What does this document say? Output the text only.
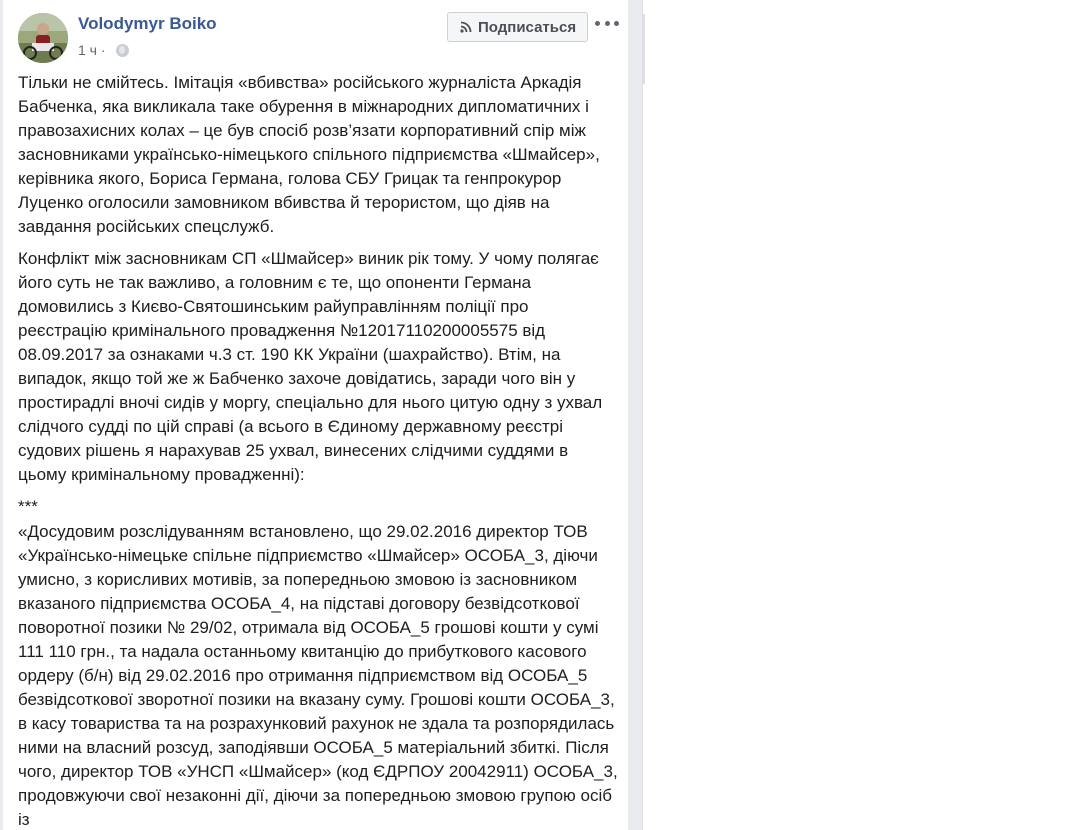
Volodymyr Boiko
1 ч ·
Подписаться

Тільки не смійтесь. Імітація «вбивства» російського журналіста Аркадія Бабченка, яка викликала таке обурення в міжнародних дипломатичних і правозахисних колах – це був спосіб розв’язати корпоративний спір між засновниками українсько-німецького спільного підприємства «Шмайсер», керівника якого, Бориса Германа, голова СБУ Грицак та генпрокурор Луценко оголосили замовником вбивства й терористом, що діяв на завдання російських спецслужб.

Конфлікт між засновникам СП «Шмайсер» виник рік тому. У чому полягає його суть не так важливо, а головним є те, що опоненти Германа домовились з Києво-Святошинським райуправлінням поліції про реєстрацію кримінального провадження №12017110200005575 від 08.09.2017 за ознаками ч.3 ст. 190 КК України (шахрайство). Втім, на випадок, якщо той же ж Бабченко захоче довідатись, заради чого він у простирадлі вночі сидів у моргу, спеціально для нього цитую одну з ухвал слідчого судді по цій справі (а всього в Єдиному державному реєстрі судових рішень я нарахував 25 ухвал, винесених слідчими суддями в цьому кримінальному провадженні):

***

«Досудовим розслідуванням встановлено, що 29.02.2016 директор ТОВ «Українсько-німецьке спільне підприємство «Шмайсер» ОСОБА_3, діючи умисно, з корисливих мотивів, за попередньою змовою із засновником вказаного підприємства ОСОБА_4, на підставі договору безвідсоткової поворотної позики № 29/02, отримала від ОСОБА_5 грошові кошти у сумі 111 110 грн., та надала останньому квитанцію до прибуткового касового ордеру (б/н) від 29.02.2016 про отримання підприємством від ОСОБА_5 безвідсоткової зворотної позики на вказану суму. Грошові кошти ОСОБА_3, в касу товариства та на розрахунковий рахунок не здала та розпорядилась ними на власний розсуд, заподіявши ОСОБА_5 матеріальний збиткі. Після чого, директор ТОВ «УНСП «Шмайсер» (код ЄДРПОУ 20042911) ОСОБА_3, продовжуючи свої незаконні дії, діючи за попередньою змовою групою осіб із
